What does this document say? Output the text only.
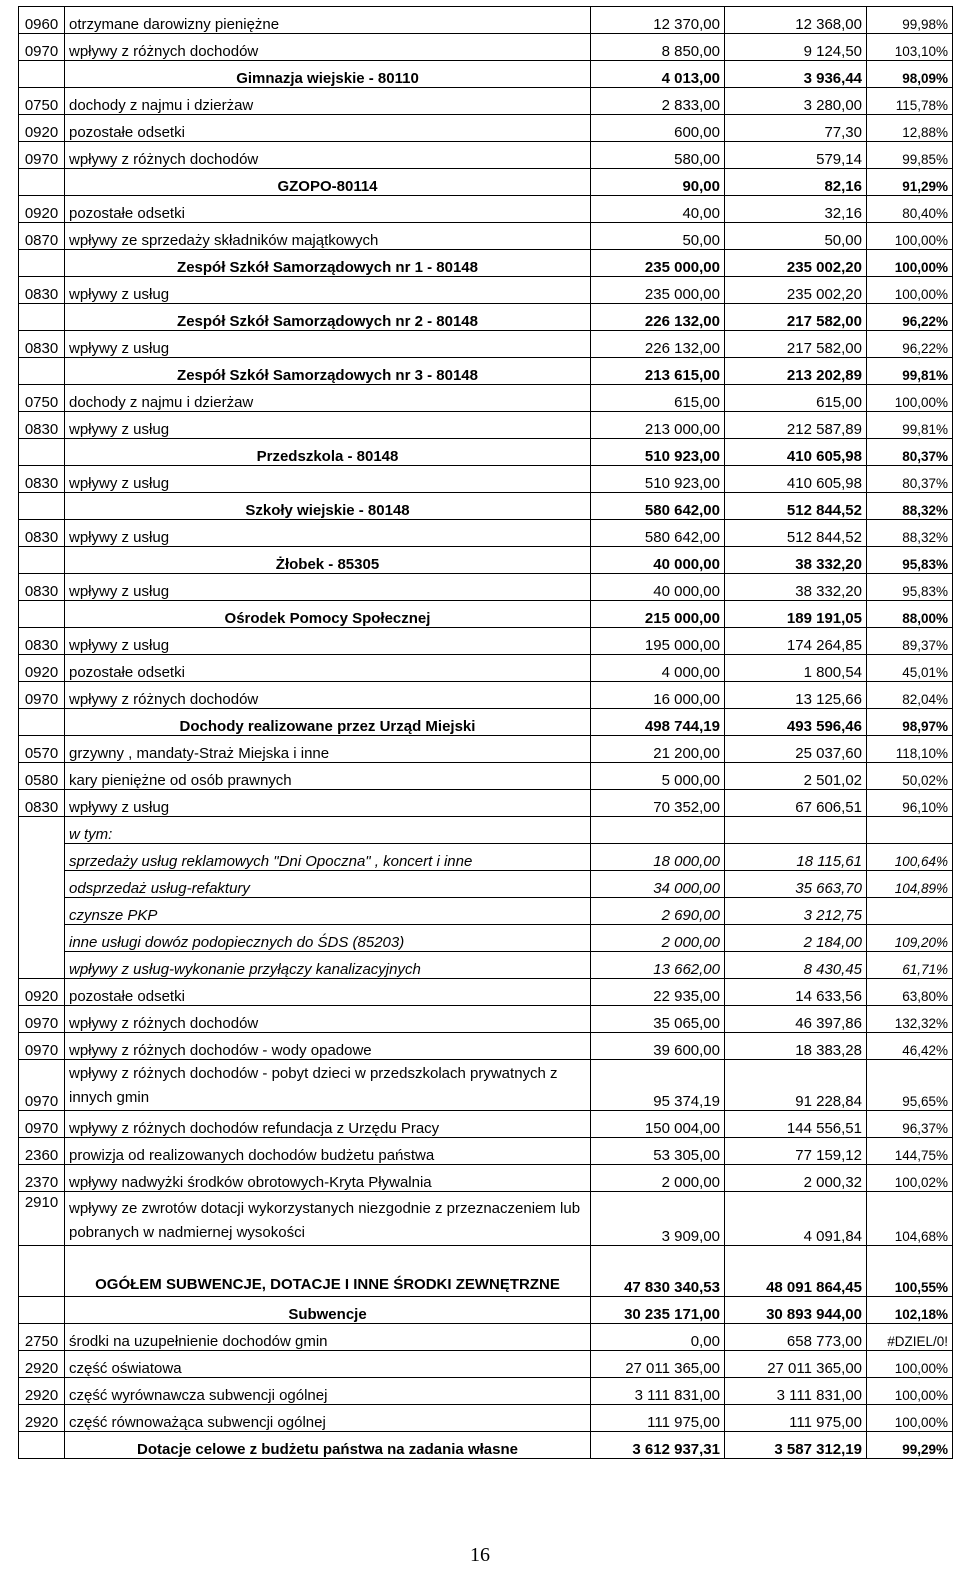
0960	otrzymane darowizny pieniężne	12 370,00	12 368,00	99,98%
0970	wpływy z różnych dochodów	8 850,00	9 124,50	103,10%
	Gimnazja wiejskie - 80110	4 013,00	3 936,44	98,09%
0750	dochody z najmu i dzierżaw	2 833,00	3 280,00	115,78%
0920	pozostałe odsetki	600,00	77,30	12,88%
0970	wpływy z różnych dochodów	580,00	579,14	99,85%
	GZOPO-80114	90,00	82,16	91,29%
0920	pozostałe odsetki	40,00	32,16	80,40%
0870	wpływy ze sprzedaży składników majątkowych	50,00	50,00	100,00%
	Zespół Szkół Samorządowych nr 1 - 80148	235 000,00	235 002,20	100,00%
0830	wpływy z usług	235 000,00	235 002,20	100,00%
	Zespół Szkół Samorządowych nr 2 - 80148	226 132,00	217 582,00	96,22%
0830	wpływy z usług	226 132,00	217 582,00	96,22%
	Zespół Szkół Samorządowych nr 3 - 80148	213 615,00	213 202,89	99,81%
0750	dochody z najmu i dzierżaw	615,00	615,00	100,00%
0830	wpływy z usług	213 000,00	212 587,89	99,81%
	Przedszkola - 80148	510 923,00	410 605,98	80,37%
0830	wpływy z usług	510 923,00	410 605,98	80,37%
	Szkoły wiejskie - 80148	580 642,00	512 844,52	88,32%
0830	wpływy z usług	580 642,00	512 844,52	88,32%
	Żłobek - 85305	40 000,00	38 332,20	95,83%
0830	wpływy z usług	40 000,00	38 332,20	95,83%
	Ośrodek Pomocy Społecznej	215 000,00	189 191,05	88,00%
0830	wpływy z usług	195 000,00	174 264,85	89,37%
0920	pozostałe odsetki	4 000,00	1 800,54	45,01%
0970	wpływy z różnych dochodów	16 000,00	13 125,66	82,04%
	Dochody realizowane przez Urząd Miejski	498 744,19	493 596,46	98,97%
0570	grzywny , mandaty-Straż Miejska i inne	21 200,00	25 037,60	118,10%
0580	kary pieniężne od osób prawnych	5 000,00	2 501,02	50,02%
0830	wpływy z usług	70 352,00	67 606,51	96,10%
	w tym:			
	sprzedaży usług reklamowych "Dni Opoczna" , koncert i inne	18 000,00	18 115,61	100,64%
	odsprzedaż usług-refaktury	34 000,00	35 663,70	104,89%
	czynsze PKP	2 690,00	3 212,75	
	inne usługi dowóz podopiecznych do ŚDS (85203)	2 000,00	2 184,00	109,20%
	wpływy z usług-wykonanie przyłączy kanalizacyjnych	13 662,00	8 430,45	61,71%
0920	pozostałe odsetki	22 935,00	14 633,56	63,80%
0970	wpływy z różnych dochodów	35 065,00	46 397,86	132,32%
0970	wpływy z różnych dochodów - wody opadowe	39 600,00	18 383,28	46,42%
0970	wpływy z różnych dochodów - pobyt dzieci w przedszkolach prywatnych z innych gmin	95 374,19	91 228,84	95,65%
0970	wpływy z różnych dochodów refundacja z Urzędu Pracy	150 004,00	144 556,51	96,37%
2360	prowizja od realizowanych dochodów budżetu państwa	53 305,00	77 159,12	144,75%
2370	wpływy nadwyżki środków obrotowych-Kryta Pływalnia	2 000,00	2 000,32	100,02%
2910	wpływy ze zwrotów dotacji wykorzystanych niezgodnie z przeznaczeniem lub pobranych w nadmiernej wysokości	3 909,00	4 091,84	104,68%
	OGÓŁEM SUBWENCJE, DOTACJE I INNE ŚRODKI ZEWNĘTRZNE	47 830 340,53	48 091 864,45	100,55%
	Subwencje	30 235 171,00	30 893 944,00	102,18%
2750	środki na uzupełnienie dochodów gmin	0,00	658 773,00	#DZIEL/0!
2920	część oświatowa	27 011 365,00	27 011 365,00	100,00%
2920	część wyrównawcza subwencji ogólnej	3 111 831,00	3 111 831,00	100,00%
2920	część równoważąca subwencji ogólnej	111 975,00	111 975,00	100,00%
	Dotacje celowe z budżetu państwa na zadania własne	3 612 937,31	3 587 312,19	99,29%
16
